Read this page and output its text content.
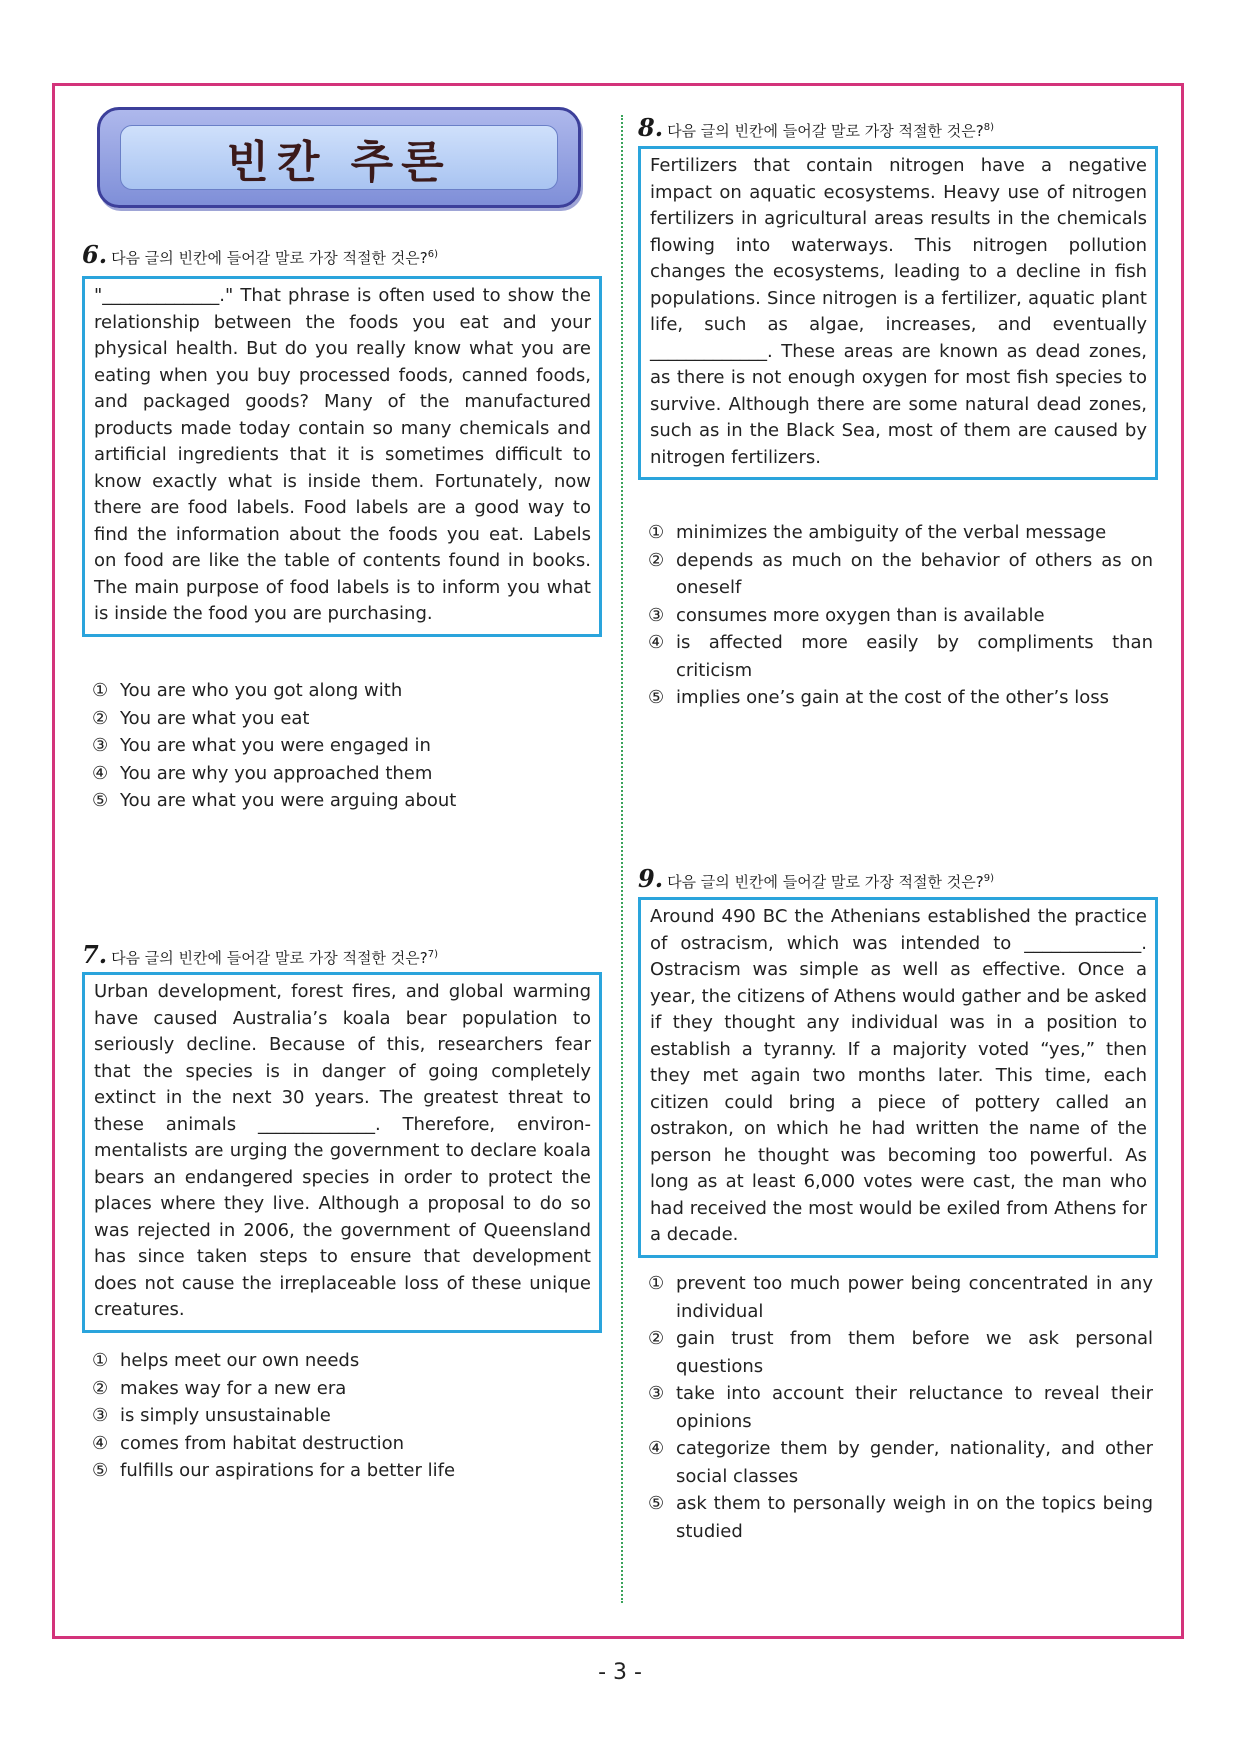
빈칸 추론
6. 다음 글의 빈칸에 들어갈 말로 가장 적절한 것은?$^{6)}$
"_____________." That phrase is often used to show the relationship between the foods you eat and your physical health. But do you really know what you are eating when you buy processed foods, canned foods, and packaged goods? Many of the manufactured products made today contain so many chemicals and artificial ingredients that it is sometimes difficult to know exactly what is inside them. Fortunately, now there are food labels. Food labels are a good way to find the information about the foods you eat. Labels on food are like the table of contents found in books. The main purpose of food labels is to inform you what is inside the food you are purchasing.
① You are who you got along with
② You are what you eat
③ You are what you were engaged in
④ You are why you approached them
⑤ You are what you were arguing about
7. 다음 글의 빈칸에 들어갈 말로 가장 적절한 것은?$^{7)}$
Urban development, forest fires, and global warming have caused Australia’s koala bear population to seriously decline. Because of this, researchers fear that the species is in danger of going completely extinct in the next 30 years. The greatest threat to these animals _____________. Therefore, environ-mentalists are urging the government to declare koala bears an endangered species in order to protect the places where they live. Although a proposal to do so was rejected in 2006, the government of Queensland has since taken steps to ensure that development does not cause the irreplaceable loss of these unique creatures.
① helps meet our own needs
② makes way for a new era
③ is simply unsustainable
④ comes from habitat destruction
⑤ fulfills our aspirations for a better life
8. 다음 글의 빈칸에 들어갈 말로 가장 적절한 것은?$^{8)}$
Fertilizers that contain nitrogen have a negative impact on aquatic ecosystems. Heavy use of nitrogen fertilizers in agricultural areas results in the chemicals flowing into waterways. This nitrogen pollution changes the ecosystems, leading to a decline in fish populations. Since nitrogen is a fertilizer, aquatic plant life, such as algae, increases, and eventually _____________. These areas are known as dead zones, as there is not enough oxygen for most fish species to survive. Although there are some natural dead zones, such as in the Black Sea, most of them are caused by nitrogen fertilizers.
① minimizes the ambiguity of the verbal message
② depends as much on the behavior of others as on oneself
③ consumes more oxygen than is available
④ is affected more easily by compliments than criticism
⑤ implies one’s gain at the cost of the other’s loss
9. 다음 글의 빈칸에 들어갈 말로 가장 적절한 것은?$^{9)}$
Around 490 BC the Athenians established the practice of ostracism, which was intended to _____________. Ostracism was simple as well as effective. Once a year, the citizens of Athens would gather and be asked if they thought any individual was in a position to establish a tyranny. If a majority voted “yes,” then they met again two months later. This time, each citizen could bring a piece of pottery called an ostrakon, on which he had written the name of the person he thought was becoming too powerful. As long as at least 6,000 votes were cast, the man who had received the most would be exiled from Athens for a decade.
① prevent too much power being concentrated in any individual
② gain trust from them before we ask personal questions
③ take into account their reluctance to reveal their opinions
④ categorize them by gender, nationality, and other social classes
⑤ ask them to personally weigh in on the topics being studied
- 3 -
